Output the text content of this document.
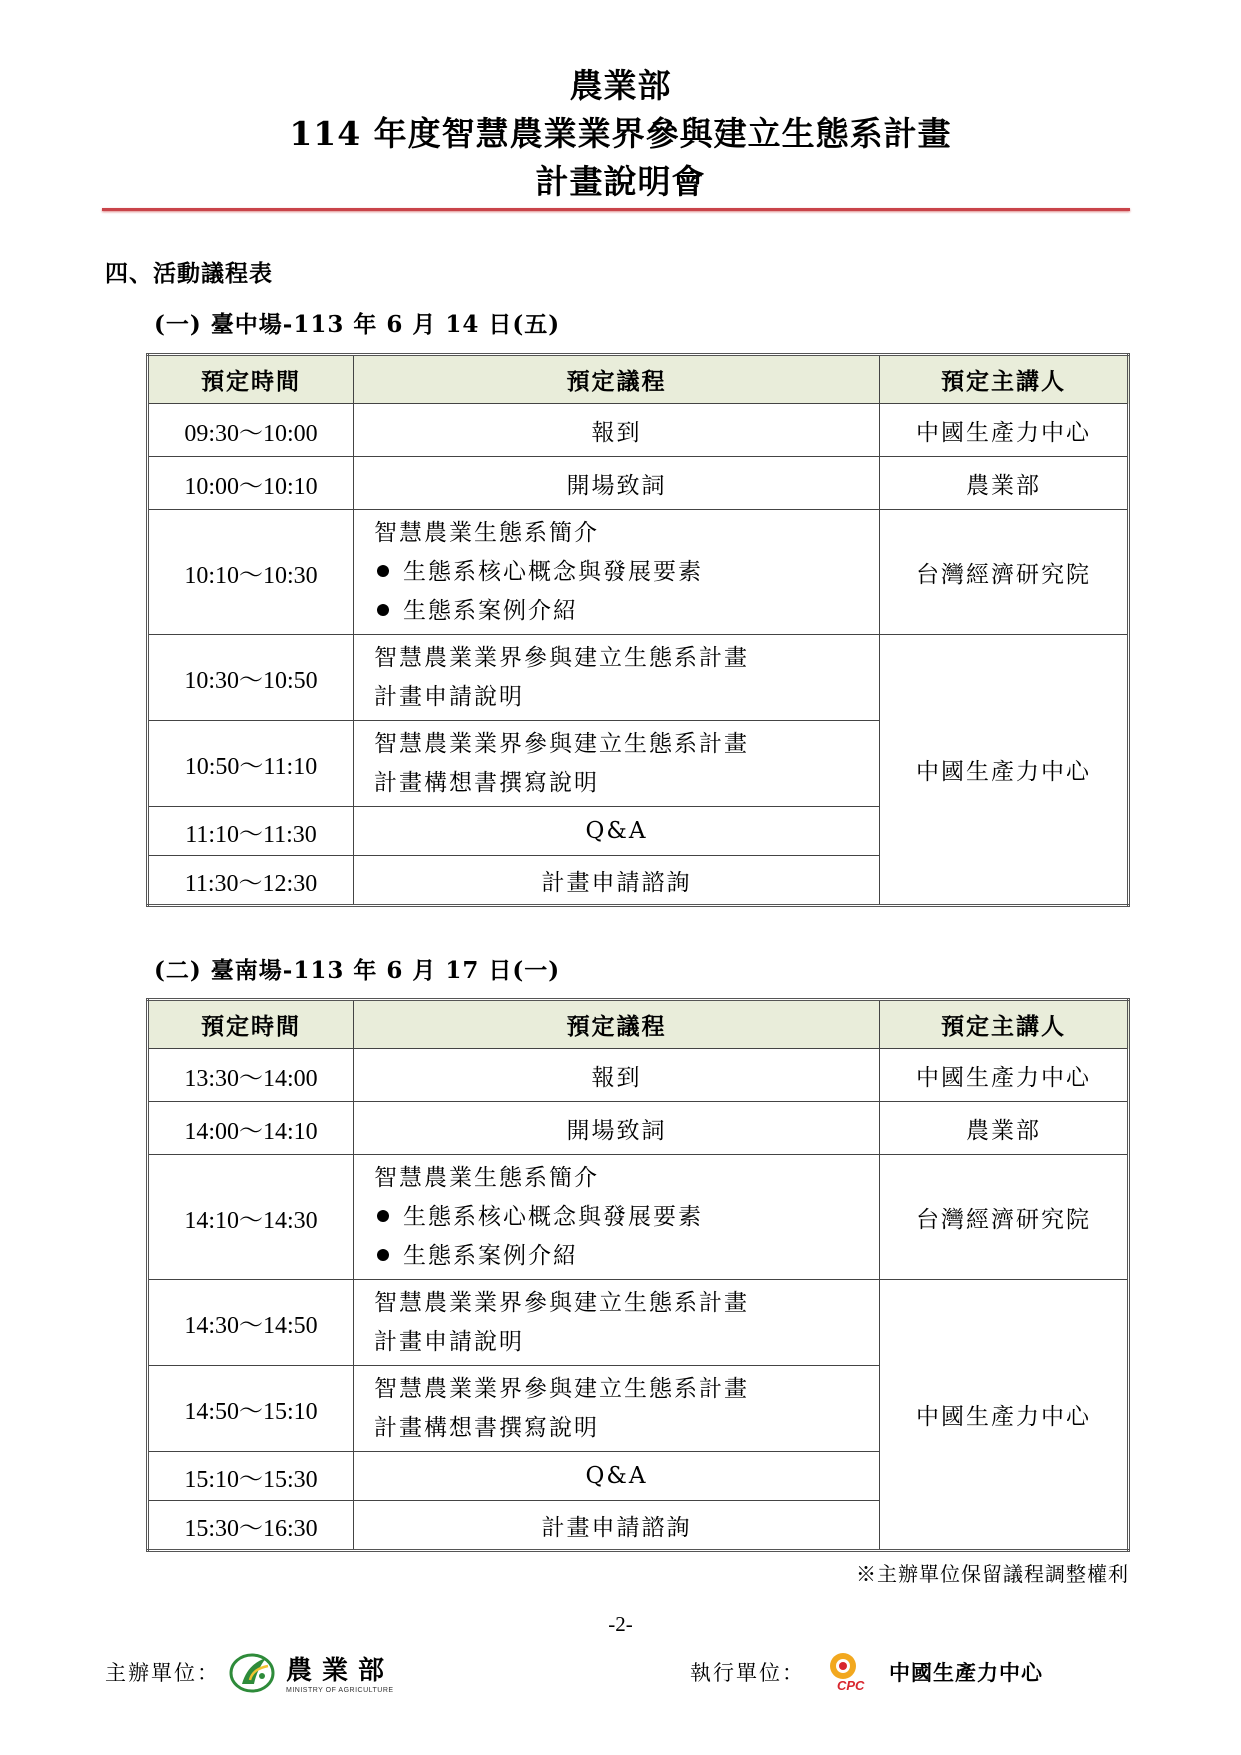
農業部
114 年度智慧農業業界參與建立生態系計畫
計畫說明會
四、活動議程表
(一) 臺中場-113 年 6 月 14 日(五)
預定時間	預定議程	預定主講人
09:30～10:00	報到	中國生產力中心
10:00～10:10	開場致詞	農業部
10:10～10:30	智慧農業生態系簡介
生態系核心概念與發展要素
生態系案例介紹	台灣經濟研究院
10:30～10:50	智慧農業業界參與建立生態系計畫
計畫申請說明	中國生產力中心
10:50～11:10	智慧農業業界參與建立生態系計畫
計畫構想書撰寫說明	

11:10～11:30	Q&A	
11:30～12:30	計畫申請諮詢	
(二) 臺南場-113 年 6 月 17 日(一)
預定時間	預定議程	預定主講人
13:30～14:00	報到	中國生產力中心
14:00～14:10	開場致詞	農業部
14:10～14:30	智慧農業生態系簡介
生態系核心概念與發展要素
生態系案例介紹	台灣經濟研究院
14:30～14:50	智慧農業業界參與建立生態系計畫
計畫申請說明	中國生產力中心
14:50～15:10	智慧農業業界參與建立生態系計畫
計畫構想書撰寫說明	

15:10～15:30	Q&A	
15:30～16:30	計畫申請諮詢	
※主辦單位保留議程調整權利
-2-
主辦單位：	農業部
MINISTRY OF AGRICULTURE
執行單位：
CPC
中國生產力中心
